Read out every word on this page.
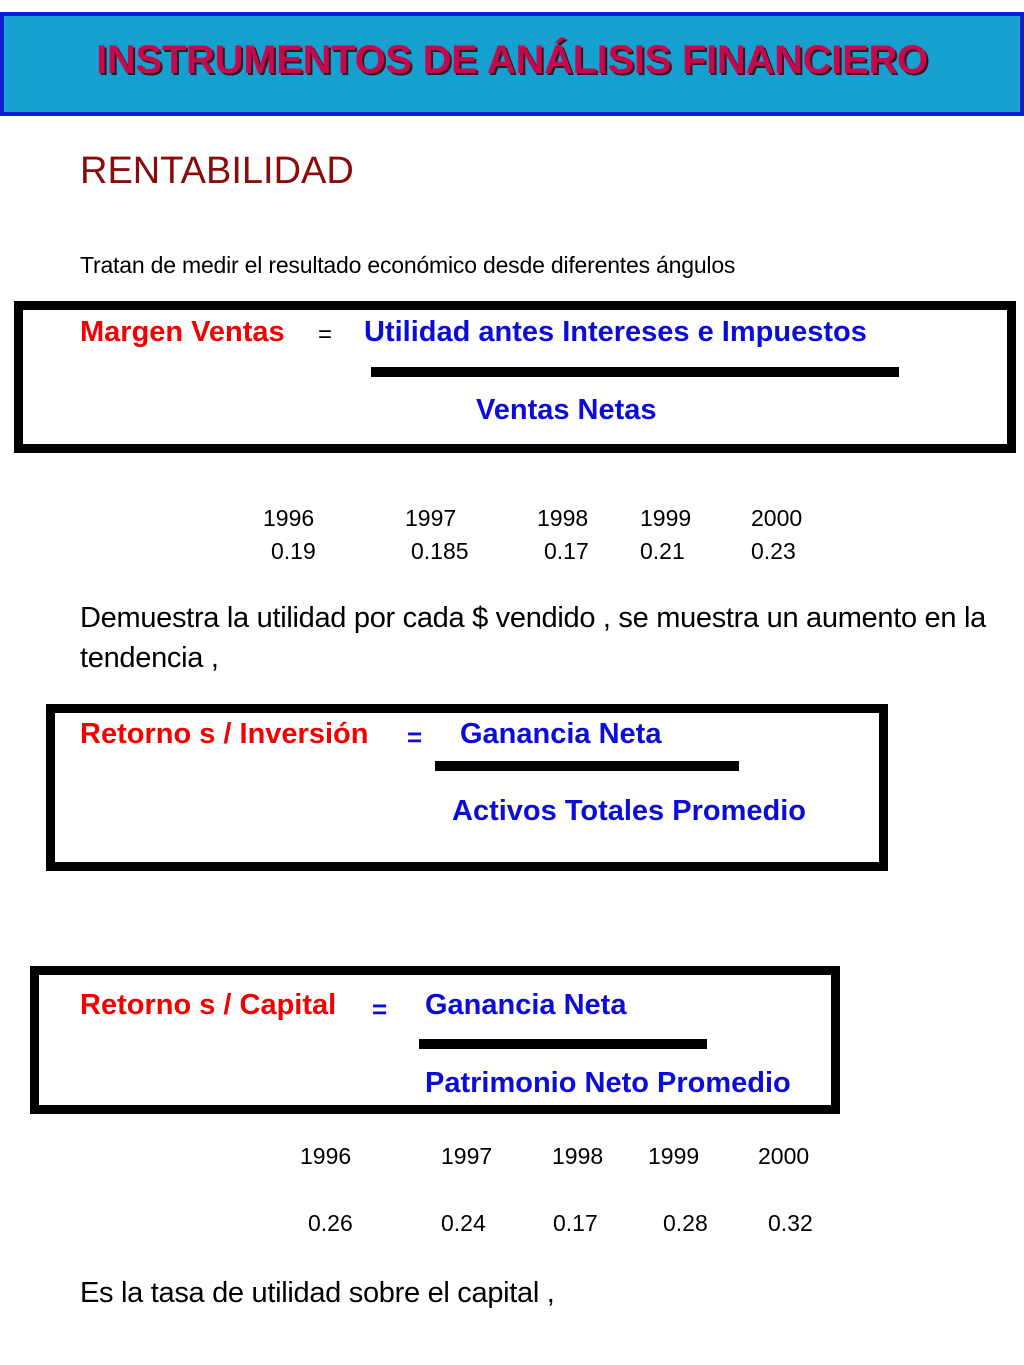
INSTRUMENTOS DE ANÁLISIS FINANCIERO
RENTABILIDAD
Tratan de medir el resultado económico desde diferentes ángulos
Margen Ventas = Utilidad antes Intereses e Impuestos
Ventas Netas
1996	1997	1998 1999	2000
0.19	0.185	0.17 0.21	0.23
Demuestra la utilidad por cada $ vendido , se muestra un aumento en la tendencia ,
Retorno s / Inversión = Ganancia Neta
Activos Totales Promedio
Retorno s / Capital = Ganancia Neta
Patrimonio Neto Promedio
1996	1997	1998 1999	2000
0.26	0.24	0.17	0.28	0.32
Es la tasa de utilidad sobre el capital ,
